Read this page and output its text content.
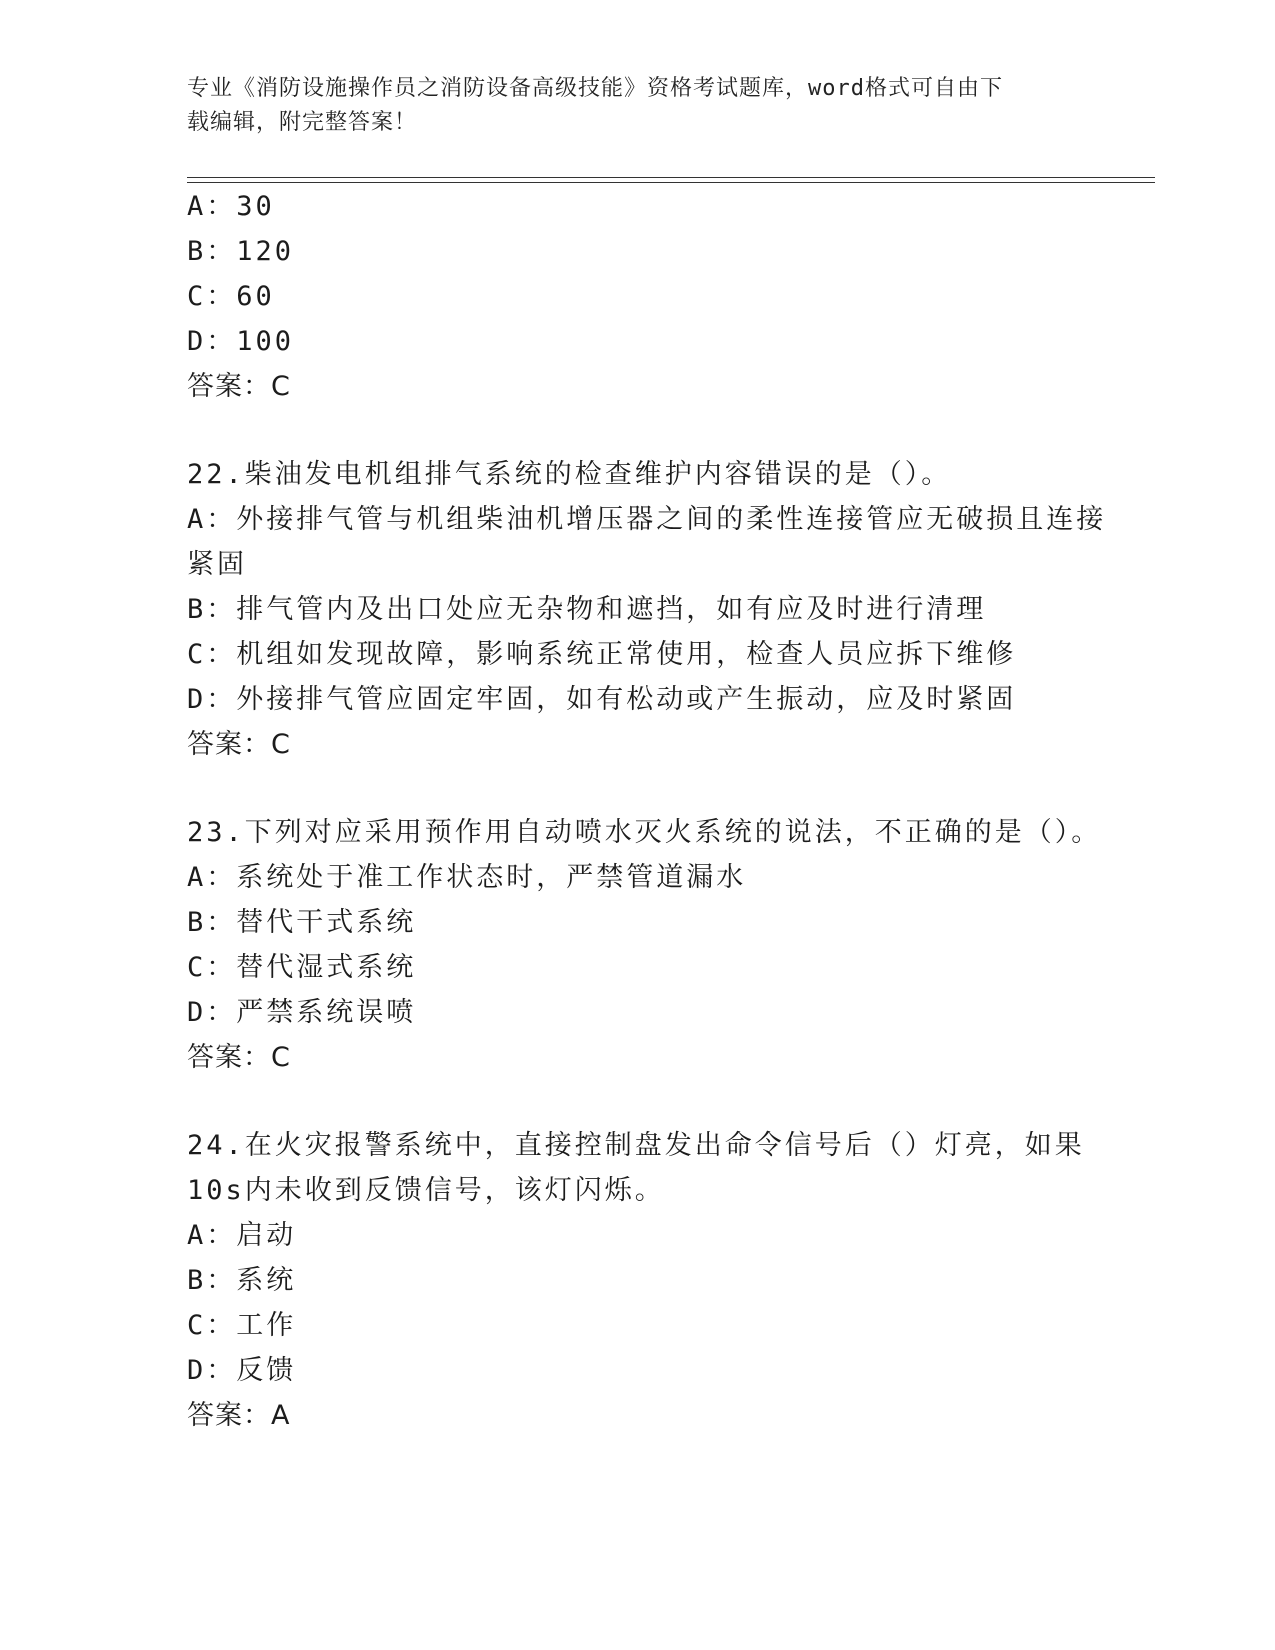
专业《消防设施操作员之消防设备高级技能》资格考试题库，word格式可自由下
载编辑，附完整答案！
A：30
B：120
C：60
D：100
答案：C
22.柴油发电机组排气系统的检查维护内容错误的是（）。
A：外接排气管与机组柴油机增压器之间的柔性连接管应无破损且连接
紧固
B：排气管内及出口处应无杂物和遮挡，如有应及时进行清理
C：机组如发现故障，影响系统正常使用，检查人员应拆下维修
D：外接排气管应固定牢固，如有松动或产生振动，应及时紧固
答案：C
23.下列对应采用预作用自动喷水灭火系统的说法，不正确的是（）。
A：系统处于准工作状态时，严禁管道漏水
B：替代干式系统
C：替代湿式系统
D：严禁系统误喷
答案：C
24.在火灾报警系统中，直接控制盘发出命令信号后（）灯亮，如果
10s内未收到反馈信号，该灯闪烁。
A：启动
B：系统
C：工作
D：反馈
答案：A
